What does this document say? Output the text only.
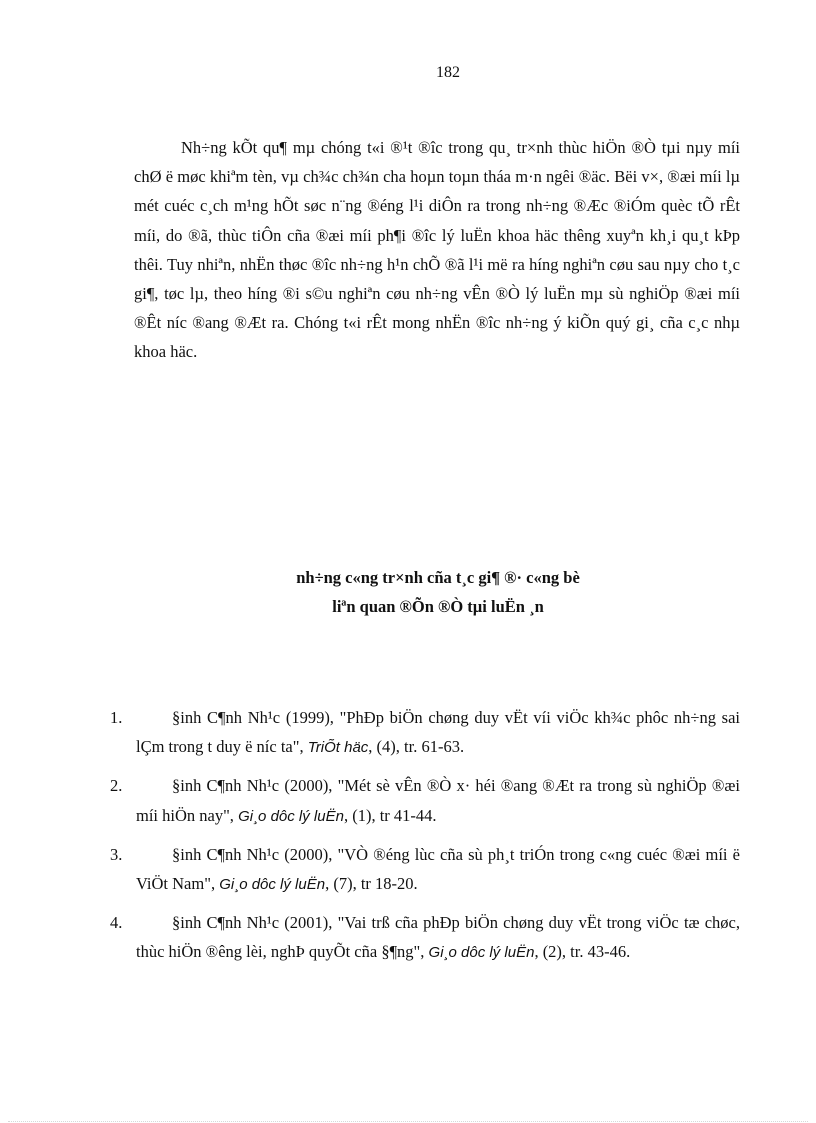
182

Nh÷ng kÕt qu¶ mµ chóng t«i ®¹t ®îc trong qu¸ tr×nh thùc hiÖn ®Ò tµi nµy míi chØ ë møc khiªm tèn, vµ ch¾c ch¾n cha hoµn toµn tháa m·n ngêi ®äc. Bëi v×, ®æi míi lµ mét cuéc c¸ch m¹ng hÕt søc n¨ng ®éng l¹i diÔn ra trong nh÷ng ®Æc ®iÓm quèc tÕ rÊt míi, do ®ã, thùc tiÔn cña ®æi míi ph¶i ®îc lý luËn khoa häc thêng xuyªn kh¸i qu¸t kÞp thêi. Tuy nhiªn, nhËn thøc ®îc nh÷ng h¹n chÕ ®ã l¹i më ra híng nghiªn cøu sau nµy cho t¸c gi¶, tøc lµ, theo híng ®i s©u nghiªn cøu nh÷ng vÊn ®Ò lý luËn mµ sù nghiÖp ®æi míi ®Êt níc ®ang ®Æt ra. Chóng t«i rÊt mong nhËn ®îc nh÷ng ý kiÕn quý gi¸ cña c¸c nhµ khoa häc.

nh÷ng c«ng tr×nh cña t¸c gi¶ ®· c«ng bè
liªn quan ®Õn ®Ò tµi luËn ¸n
1.	§inh C¶nh Nh¹c (1999), "PhÐp biÖn chøng duy vËt víi viÖc kh¾c phôc nh÷ng sai lÇm trong t duy ë níc ta", TriÕt häc, (4), tr. 61-63.
2.	§inh C¶nh Nh¹c (2000), "Mét sè vÊn ®Ò x· héi ®ang ®Æt ra trong sù nghiÖp ®æi míi hiÖn nay", Gi¸o dôc lý luËn, (1), tr 41-44.
3.	§inh C¶nh Nh¹c (2000), "VÒ ®éng lùc cña sù ph¸t triÓn trong c«ng cuéc ®æi míi ë ViÖt Nam", Gi¸o dôc lý luËn, (7), tr 18-20.
4.	§inh C¶nh Nh¹c (2001), "Vai trß cña phÐp biÖn chøng duy vËt trong viÖc tæ chøc, thùc hiÖn ®êng lèi, nghÞ quyÕt cña §¶ng", Gi¸o dôc lý luËn, (2), tr. 43-46.
